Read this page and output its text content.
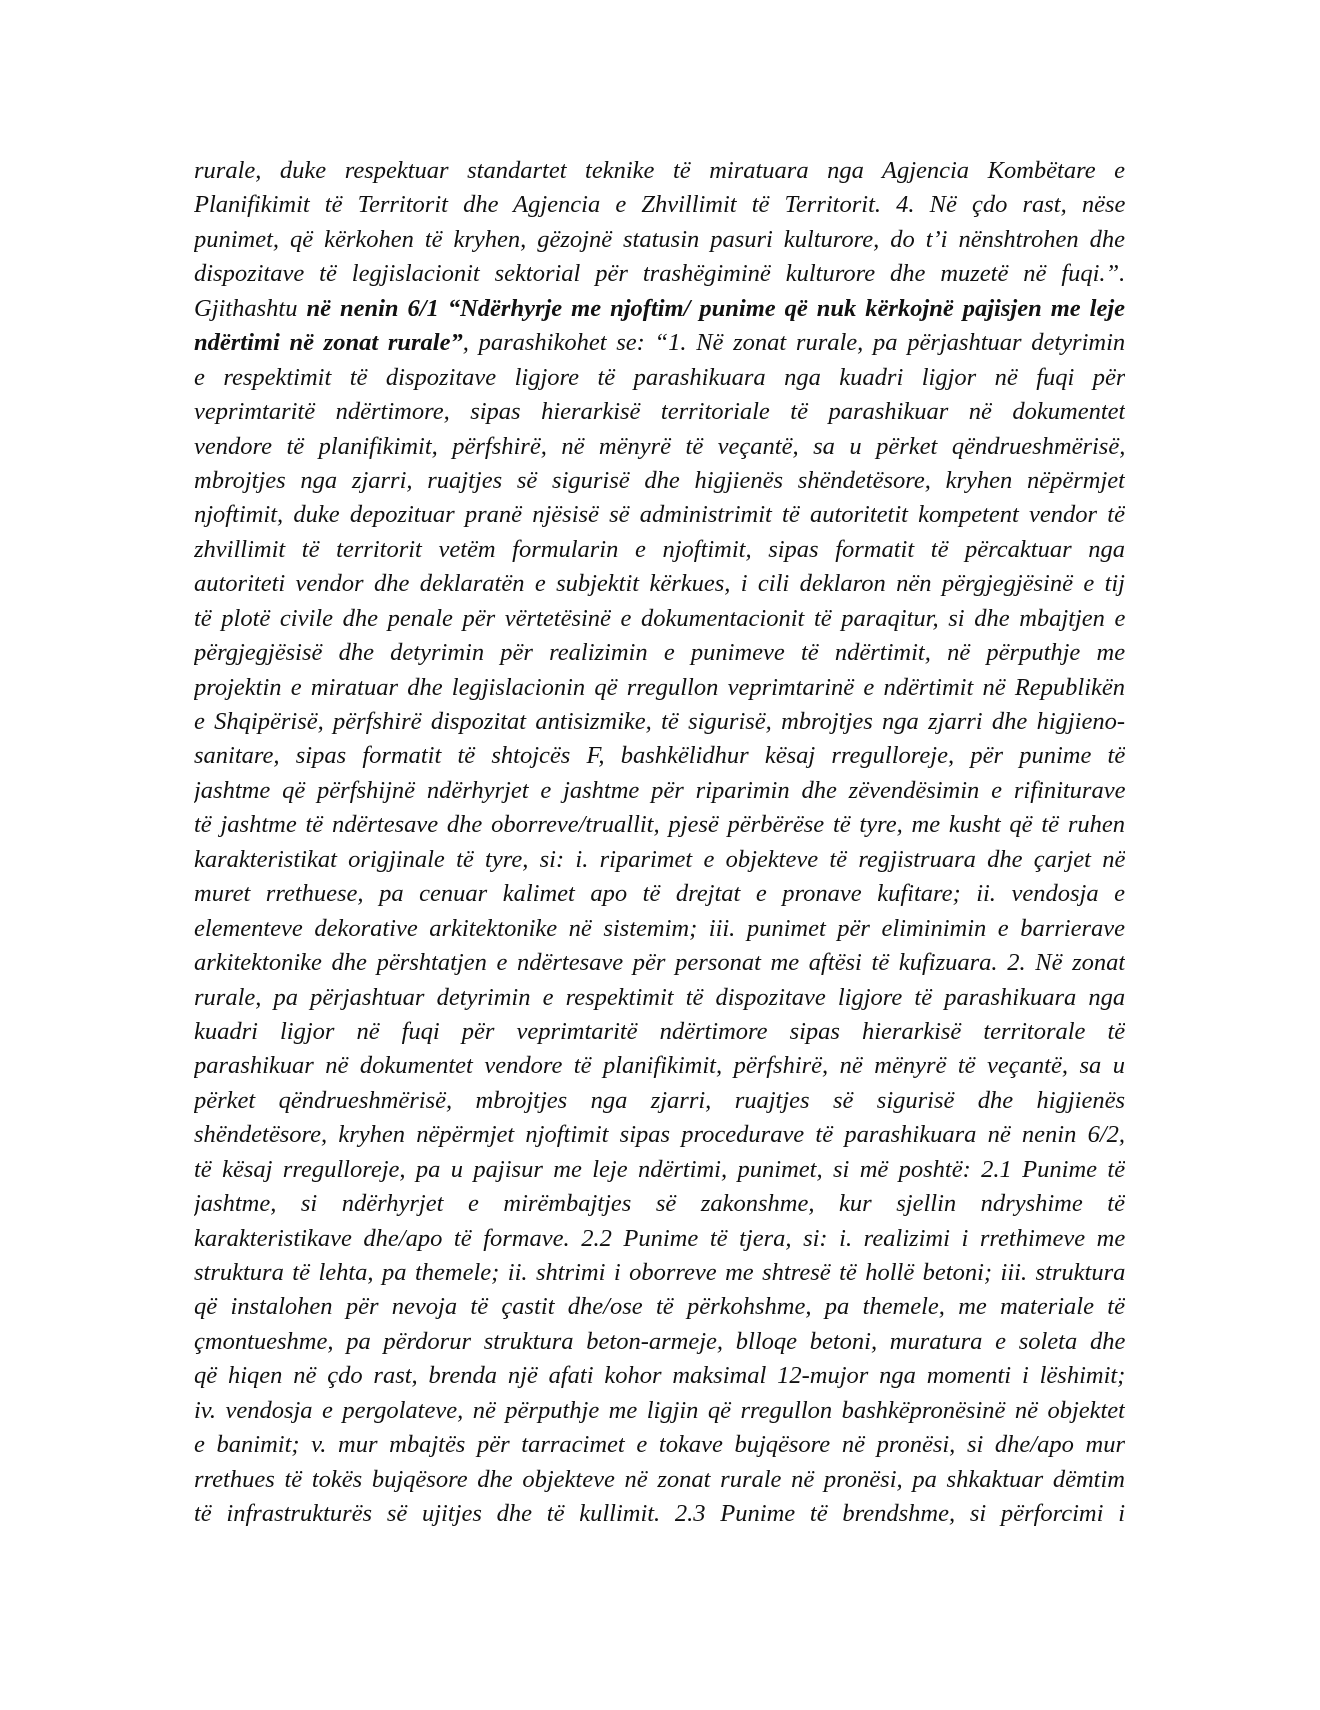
rurale, duke respektuar standartet teknike të miratuara nga Agjencia Kombëtare e
Planifikimit të Territorit dhe Agjencia e Zhvillimit të Territorit. 4. Në çdo rast, nëse
punimet, që kërkohen të kryhen, gëzojnë statusin pasuri kulturore, do t’i nënshtrohen dhe
dispozitave të legjislacionit sektorial për trashëgiminë kulturore dhe muzetë në fuqi.”.
Gjithashtu në nenin 6/1 “Ndërhyrje me njoftim/ punime që nuk kërkojnë pajisjen me leje
ndërtimi në zonat rurale”, parashikohet se: “1. Në zonat rurale, pa përjashtuar detyrimin
e respektimit të dispozitave ligjore të parashikuara nga kuadri ligjor në fuqi për
veprimtaritë ndërtimore, sipas hierarkisë territoriale të parashikuar në dokumentet
vendore të planifikimit, përfshirë, në mënyrë të veçantë, sa u përket qëndrueshmërisë,
mbrojtjes nga zjarri, ruajtjes së sigurisë dhe higjienës shëndetësore, kryhen nëpërmjet
njoftimit, duke depozituar pranë njësisë së administrimit të autoritetit kompetent vendor të
zhvillimit të territorit vetëm formularin e njoftimit, sipas formatit të përcaktuar nga
autoriteti vendor dhe deklaratën e subjektit kërkues, i cili deklaron nën përgjegjësinë e tij
të plotë civile dhe penale për vërtetësinë e dokumentacionit të paraqitur, si dhe mbajtjen e
përgjegjësisë dhe detyrimin për realizimin e punimeve të ndërtimit, në përputhje me
projektin e miratuar dhe legjislacionin që rregullon veprimtarinë e ndërtimit në Republikën
e Shqipërisë, përfshirë dispozitat antisizmike, të sigurisë, mbrojtjes nga zjarri dhe higjieno-
sanitare, sipas formatit të shtojcës F, bashkëlidhur kësaj rregulloreje, për punime të
jashtme që përfshijnë ndërhyrjet e jashtme për riparimin dhe zëvendësimin e rifiniturave
të jashtme të ndërtesave dhe oborreve/truallit, pjesë përbërëse të tyre, me kusht që të ruhen
karakteristikat origjinale të tyre, si: i. riparimet e objekteve të regjistruara dhe çarjet në
muret rrethuese, pa cenuar kalimet apo të drejtat e pronave kufitare; ii. vendosja e
elementeve dekorative arkitektonike në sistemim; iii. punimet për eliminimin e barrierave
arkitektonike dhe përshtatjen e ndërtesave për personat me aftësi të kufizuara. 2. Në zonat
rurale, pa përjashtuar detyrimin e respektimit të dispozitave ligjore të parashikuara nga
kuadri ligjor në fuqi për veprimtaritë ndërtimore sipas hierarkisë territorale të
parashikuar në dokumentet vendore të planifikimit, përfshirë, në mënyrë të veçantë, sa u
përket qëndrueshmërisë, mbrojtjes nga zjarri, ruajtjes së sigurisë dhe higjienës
shëndetësore, kryhen nëpërmjet njoftimit sipas procedurave të parashikuara në nenin 6/2,
të kësaj rregulloreje, pa u pajisur me leje ndërtimi, punimet, si më poshtë: 2.1 Punime të
jashtme, si ndërhyrjet e mirëmbajtjes së zakonshme, kur sjellin ndryshime të
karakteristikave dhe/apo të formave. 2.2 Punime të tjera, si: i. realizimi i rrethimeve me
struktura të lehta, pa themele; ii. shtrimi i oborreve me shtresë të hollë betoni; iii. struktura
që instalohen për nevoja të çastit dhe/ose të përkohshme, pa themele, me materiale të
çmontueshme, pa përdorur struktura beton-armeje, blloqe betoni, muratura e soleta dhe
që hiqen në çdo rast, brenda një afati kohor maksimal 12-mujor nga momenti i lëshimit;
iv. vendosja e pergolateve, në përputhje me ligjin që rregullon bashkëpronësinë në objektet
e banimit; v. mur mbajtës për tarracimet e tokave bujqësore në pronësi, si dhe/apo mur
rrethues të tokës bujqësore dhe objekteve në zonat rurale në pronësi, pa shkaktuar dëmtim
të infrastrukturës së ujitjes dhe të kullimit. 2.3 Punime të brendshme, si përforcimi i
